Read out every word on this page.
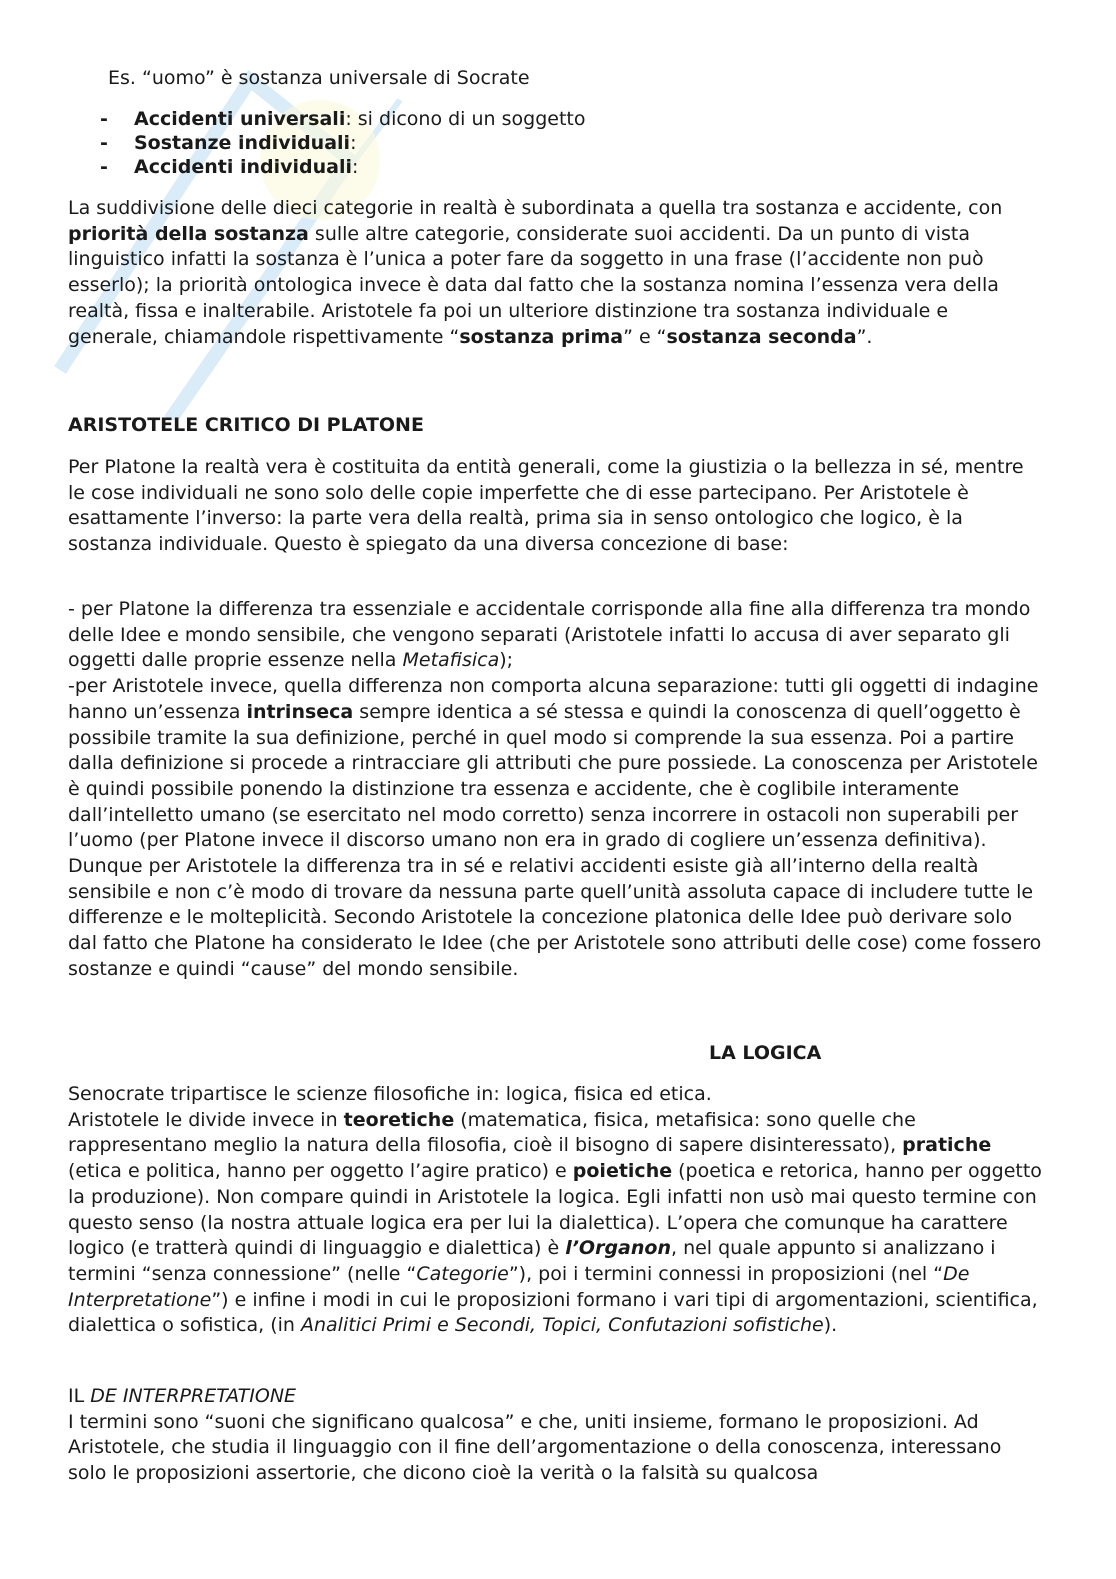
Es. “uomo” è sostanza universale di Socrate

-	Accidenti universali: si dicono di un soggetto
-	Sostanze individuali:
-	Accidenti individuali:

La suddivisione delle dieci categorie in realtà è subordinata a quella tra sostanza e accidente, con priorità della sostanza sulle altre categorie, considerate suoi accidenti. Da un punto di vista linguistico infatti la sostanza è l’unica a poter fare da soggetto in una frase (l’accidente non può esserlo); la priorità ontologica invece è data dal fatto che la sostanza nomina l’essenza vera della realtà, fissa e inalterabile. Aristotele fa poi un ulteriore distinzione tra sostanza individuale e generale, chiamandole rispettivamente “sostanza prima” e “sostanza seconda”.

ARISTOTELE CRITICO DI PLATONE

Per Platone la realtà vera è costituita da entità generali, come la giustizia o la bellezza in sé, mentre le cose individuali ne sono solo delle copie imperfette che di esse partecipano. Per Aristotele è esattamente l’inverso: la parte vera della realtà, prima sia in senso ontologico che logico, è la sostanza individuale. Questo è spiegato da una diversa concezione di base:

- per Platone la differenza tra essenziale e accidentale corrisponde alla fine alla differenza tra mondo delle Idee e mondo sensibile, che vengono separati (Aristotele infatti lo accusa di aver separato gli oggetti dalle proprie essenze nella Metafisica);

-per Aristotele invece, quella differenza non comporta alcuna separazione: tutti gli oggetti di indagine hanno un’essenza intrinseca sempre identica a sé stessa e quindi la conoscenza di quell’oggetto è possibile tramite la sua definizione, perché in quel modo si comprende la sua essenza. Poi a partire dalla definizione si procede a rintracciare gli attributi che pure possiede. La conoscenza per Aristotele è quindi possibile ponendo la distinzione tra essenza e accidente, che è coglibile interamente dall’intelletto umano (se esercitato nel modo corretto) senza incorrere in ostacoli non superabili per l’uomo (per Platone invece il discorso umano non era in grado di cogliere un’essenza definitiva). Dunque per Aristotele la differenza tra in sé e relativi accidenti esiste già all’interno della realtà sensibile e non c’è modo di trovare da nessuna parte quell’unità assoluta capace di includere tutte le differenze e le molteplicità. Secondo Aristotele la concezione platonica delle Idee può derivare solo dal fatto che Platone ha considerato le Idee (che per Aristotele sono attributi delle cose) come fossero sostanze e quindi “cause” del mondo sensibile.

LA LOGICA

Senocrate tripartisce le scienze filosofiche in: logica, fisica ed etica.

Aristotele le divide invece in teoretiche (matematica, fisica, metafisica: sono quelle che rappresentano meglio la natura della filosofia, cioè il bisogno di sapere disinteressato), pratiche (etica e politica, hanno per oggetto l’agire pratico) e poietiche (poetica e retorica, hanno per oggetto la produzione). Non compare quindi in Aristotele la logica. Egli infatti non usò mai questo termine con questo senso (la nostra attuale logica era per lui la dialettica). L’opera che comunque ha carattere logico (e tratterà quindi di linguaggio e dialettica) è l’Organon, nel quale appunto si analizzano i termini “senza connessione” (nelle “Categorie”), poi i termini connessi in proposizioni (nel “De Interpretatione”) e infine i modi in cui le proposizioni formano i vari tipi di argomentazioni, scientifica, dialettica o sofistica, (in Analitici Primi e Secondi, Topici, Confutazioni sofistiche).

IL DE INTERPRETATIONE

I termini sono “suoni che significano qualcosa” e che, uniti insieme, formano le proposizioni. Ad Aristotele, che studia il linguaggio con il fine dell’argomentazione o della conoscenza, interessano solo le proposizioni assertorie, che dicono cioè la verità o la falsità su qualcosa
